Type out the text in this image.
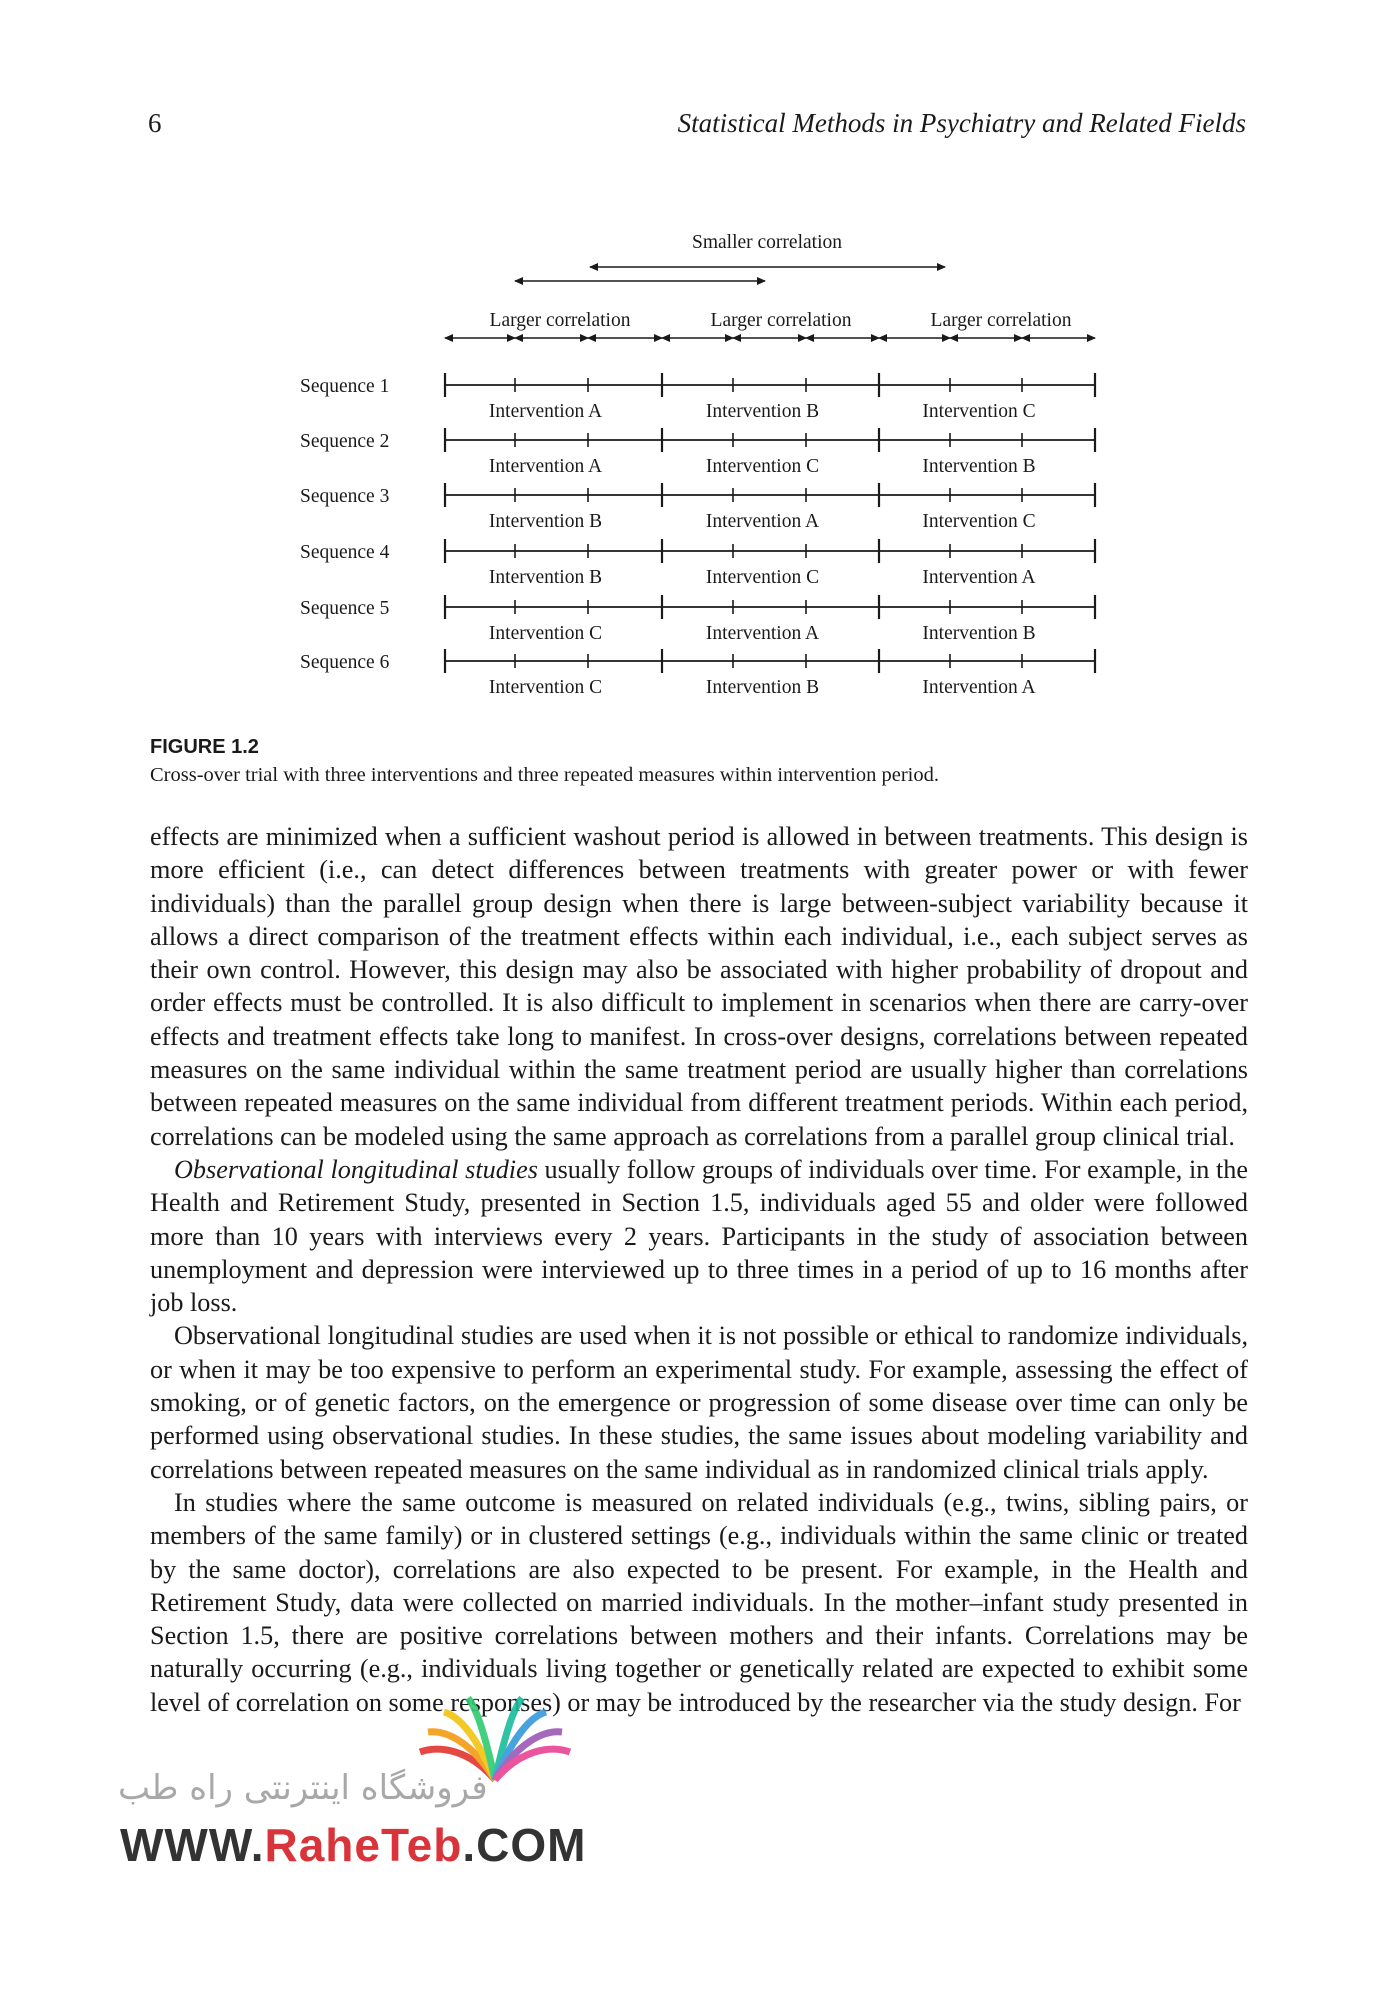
6	Statistical Methods in Psychiatry and Related Fields
Smaller correlation
Larger correlation	Larger correlation	Larger correlation
Sequence 1
Intervention A	Intervention B	Intervention C
Sequence 2
Intervention A	Intervention C	Intervention B
Sequence 3
Intervention B	Intervention A	Intervention C
Sequence 4
Intervention B	Intervention C	Intervention A
Sequence 5
Intervention C	Intervention A	Intervention B
Sequence 6
Intervention C	Intervention B	Intervention A
FIGURE 1.2
Cross-over trial with three interventions and three repeated measures within intervention period.

effects are minimized when a sufficient washout period is allowed in between treatments. This design is more efficient (i.e., can detect differences between treatments with greater power or with fewer individuals) than the parallel group design when there is large between-subject variability because it allows a direct comparison of the treatment effects within each individual, i.e., each subject serves as their own control. However, this design may also be associated with higher probability of dropout and order effects must be controlled. It is also difficult to implement in scenarios when there are carry-over effects and treatment effects take long to manifest. In cross-over designs, correlations between repeated measures on the same individual within the same treatment period are usually higher than correlations between repeated measures on the same individual from different treatment periods. Within each period, correlations can be modeled using the same approach as correlations from a parallel group clinical trial.

Observational longitudinal studies usually follow groups of individuals over time. For example, in the Health and Retirement Study, presented in Section 1.5, individuals aged 55 and older were followed more than 10 years with interviews every 2 years. Participants in the study of association between unemployment and depression were interviewed up to three times in a period of up to 16 months after job loss.

Observational longitudinal studies are used when it is not possible or ethical to randomize individuals, or when it may be too expensive to perform an experimental study. For example, assessing the effect of smoking, or of genetic factors, on the emergence or progression of some disease over time can only be performed using observational studies. In these studies, the same issues about modeling variability and correlations between repeated measures on the same individual as in randomized clinical trials apply.

In studies where the same outcome is measured on related individuals (e.g., twins, sibling pairs, or members of the same family) or in clustered settings (e.g., individuals within the same clinic or treated by the same doctor), correlations are also expected to be present. For example, in the Health and Retirement Study, data were collected on married individuals. In the mother–infant study presented in Section 1.5, there are positive correlations between mothers and their infants. Correlations may be naturally occurring (e.g., individuals living together or genetically related are expected to exhibit some level of correlation on some responses) or may be introduced by the researcher via the study design. For

فروشگاه اینترنتی راه طب
WWW.RaheTeb.COM
